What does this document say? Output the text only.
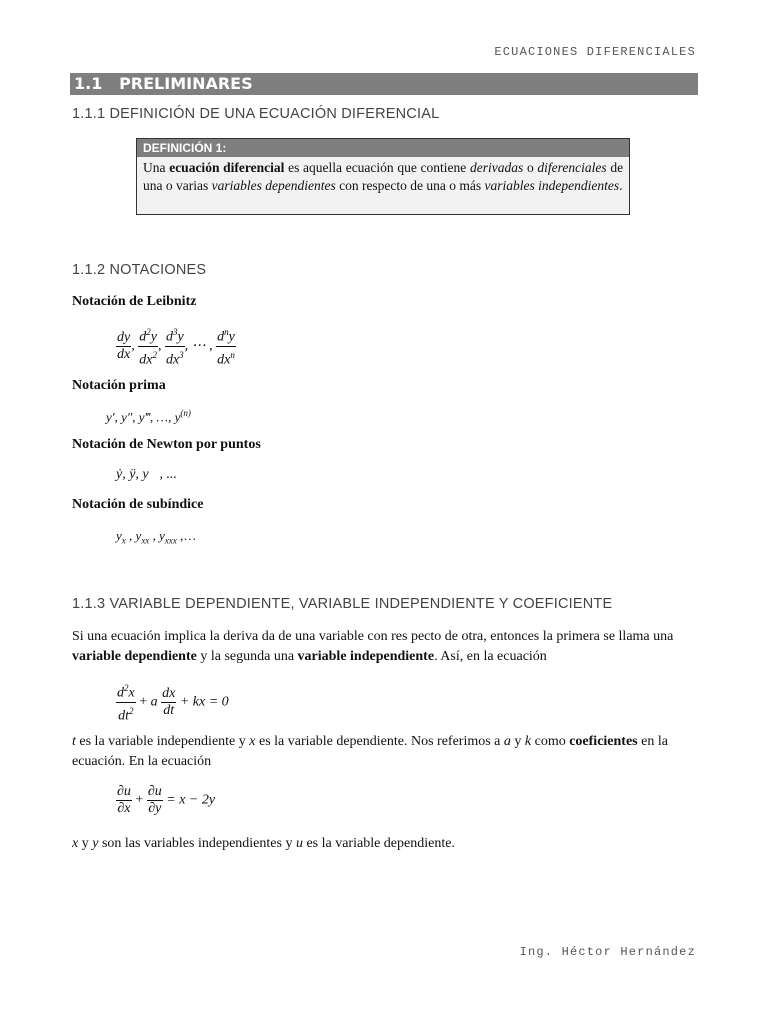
ECUACIONES DIFERENCIALES
1.1 PRELIMINARES
1.1.1 DEFINICIÓN DE UNA ECUACIÓN DIFERENCIAL
DEFINICIÓN 1:
Una ecuación diferencial es aquella ecuación que contiene derivadas o diferenciales de una o varias variables dependientes con respecto de una o más variables independientes.
1.1.2 NOTACIONES
Notación de Leibnitz
$\frac{dy}{dx}$ , $\frac{d^2y}{dx^2}$ , $\frac{d^3y}{dx^3}$ , ⋯ , $\frac{d^ny}{dx^n}$
Notación prima
y′, y″, y‴, …, $y^{(n)}$
Notación de Newton por puntos
ẏ, ÿ, y⃛, ...
Notación de subíndice
$y_x$ , $y_{xx}$ , $y_{xxx}$ ,…
1.1.3 VARIABLE DEPENDIENTE, VARIABLE INDEPENDIENTE Y COEFICIENTE
Si una ecuación implica la deriva da de una variable con res pecto de otra, entonces la primera se llama una variable dependiente y la segunda una variable independiente. Así, en la ecuación
$\frac{d^2x}{dt^2} + a \frac{dx}{dt}$ + kx = 0
t es la variable independiente y x es la variable dependiente. Nos referimos a a y k como coeficientes en la ecuación. En la ecuación
$\frac{\partial u}{\partial x} + \frac{\partial u}{\partial y} = x - 2y$
x y y son las variables independientes y u es la variable dependiente.
Ing. Héctor Hernández
